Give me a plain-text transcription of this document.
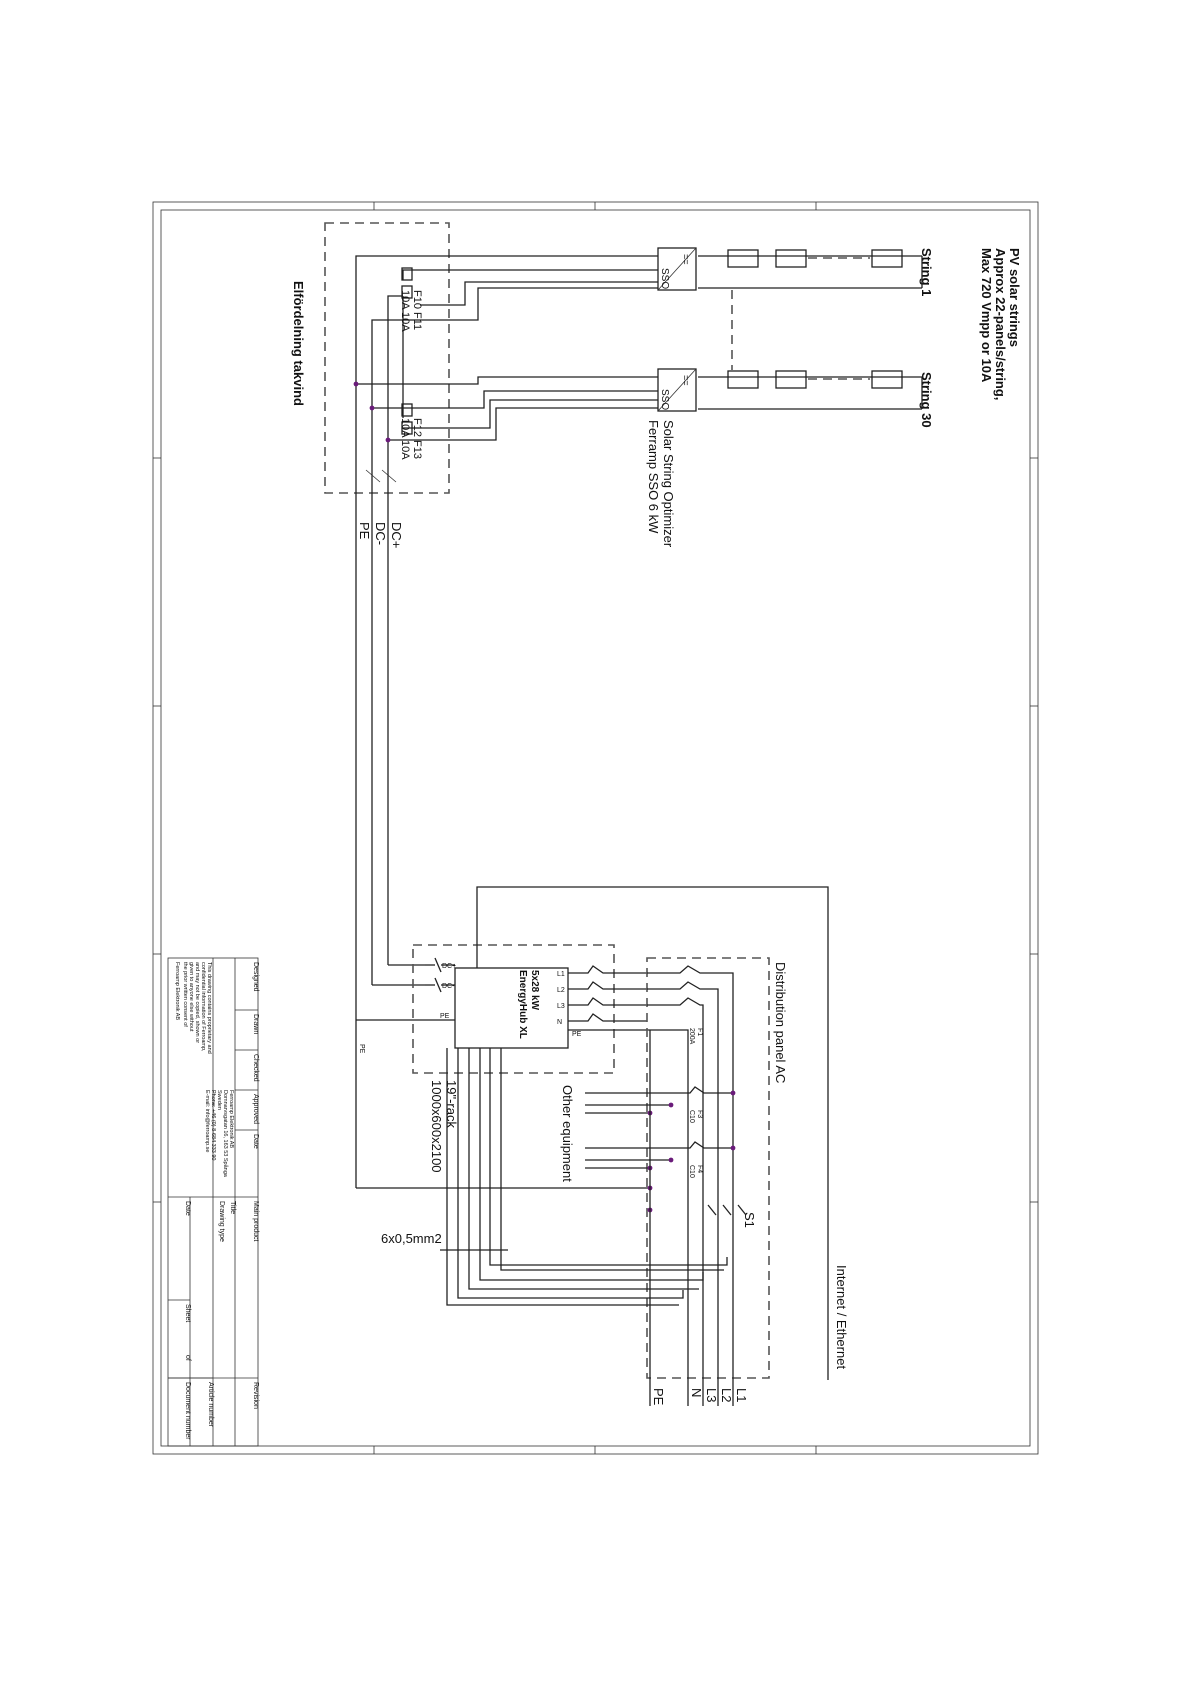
PV solar strings
Approx 22-panels/string,
Max 720 Vmpp or 10A
String 1
String 30
SSO
==
SSO
==
Solar String Optimizer
Ferramp SSO 6 kW
Elfördelning takvind	F10
10A
F11
10A
F12
10A
F13
10A
DC+
DC-
PE
19"-rack
1000x600x2100
EnergyHub XL 5x28 kW
DC+
DC-
PE
PE
L1
L2
L3
N
PE
Internet / Ethernet
Distribution panel AC
F1
200A
F3
C10
F4
C10
Other equipment
S1
6x0,5mm2
L1
L2
L3
N
PE
Designed
Drawn
Checked
Approved
Date
Main product
Revision
Title
Drawing type
Article number
Document number
Date
Sheet
of
This drawing contains proprietary and
confidential information of Ferroamp,
and may not be copied, shown or
given to anyone else without
the prior written consent of
Ferroamp Elektronik AB
Ferroamp Elektronik AB
Domnarvsgatan 16, 163 53 Spånga
Sweden
Phone: +46 (0) 8-684 333 90
E-mail: info@ferroamp.se
